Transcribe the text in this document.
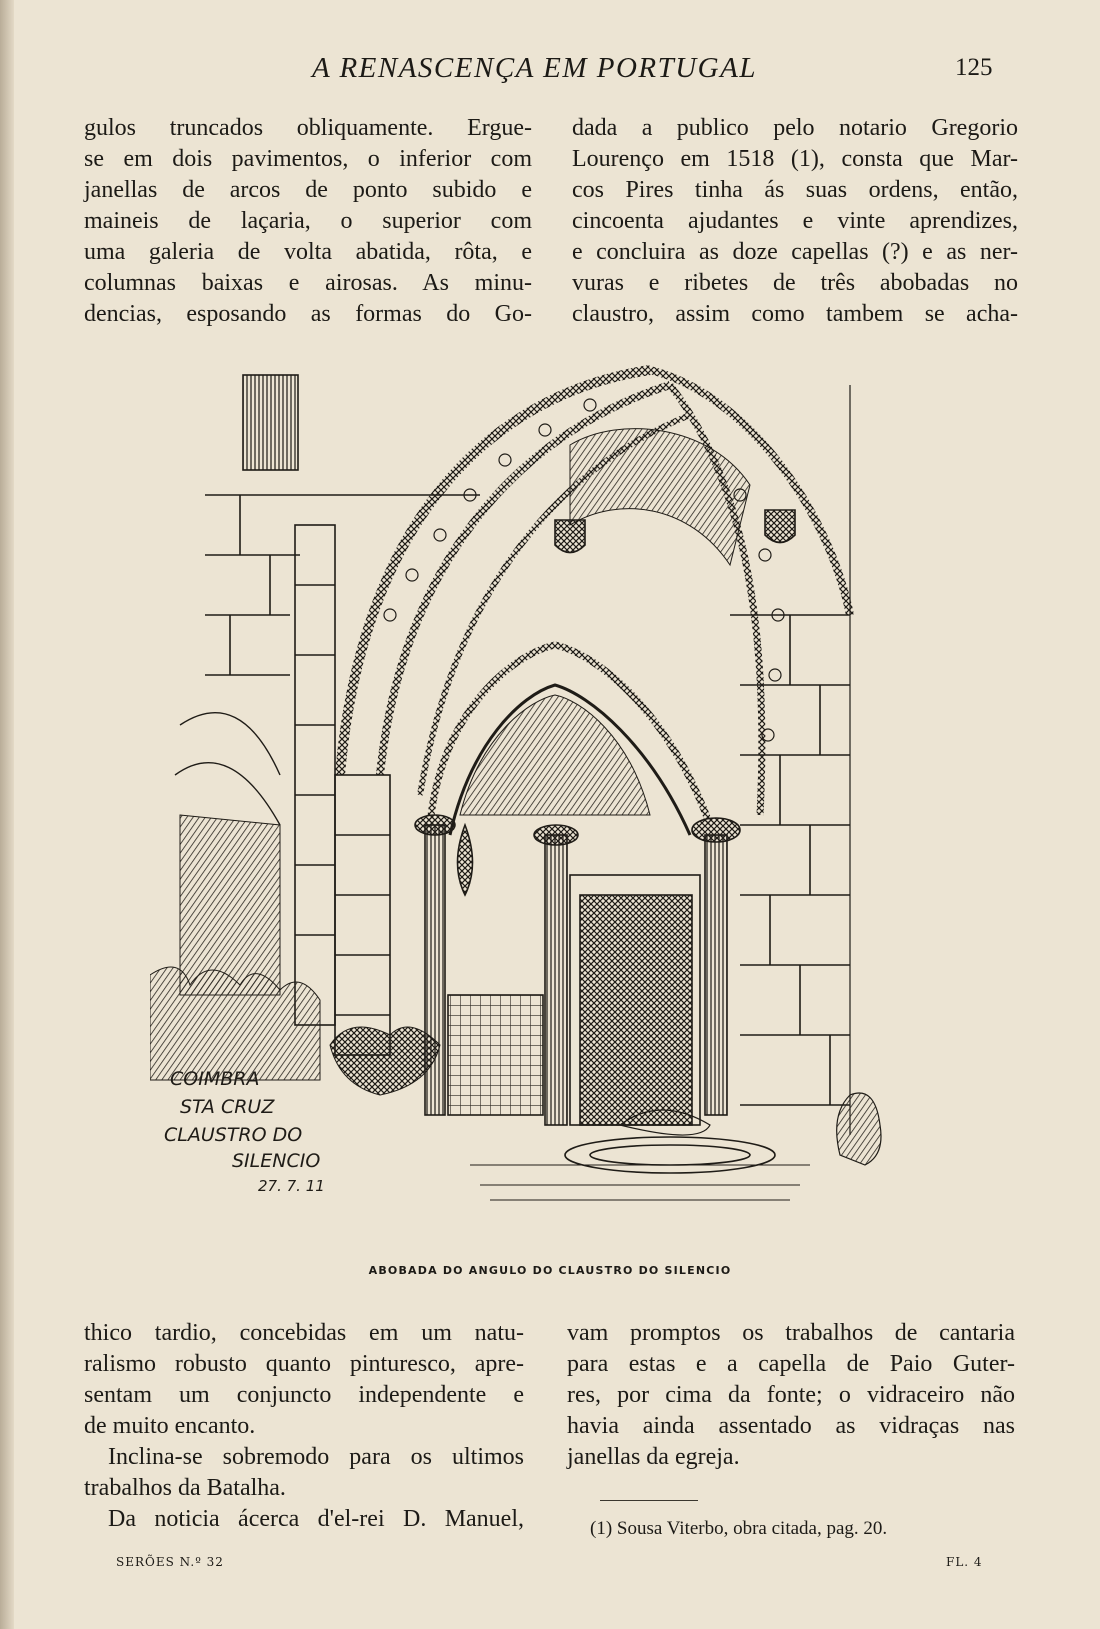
A RENASCENÇA EM PORTUGAL	125
gulos truncados obliquamente. Ergue-
se em dois pavimentos, o inferior com
janellas de arcos de ponto subido e
maineis de laçaria, o superior com
uma galeria de volta abatida, rôta, e
columnas baixas e airosas. As minu-
dencias, esposando as formas do Go-
dada a publico pelo notario Gregorio
Lourenço em 1518 (1), consta que Mar-
cos Pires tinha ás suas ordens, então,
cincoenta ajudantes e vinte aprendizes,
e concluira as doze capellas (?) e as ner-
vuras e ribetes de três abobadas no
claustro, assim como tambem se acha-
COIMBRA
STA CRUZ
CLAUSTRO DO
SILENCIO
27. 7. 11
ABOBADA DO ANGULO DO CLAUSTRO DO SILENCIO
thico tardio, concebidas em um natu-
ralismo robusto quanto pinturesco, apre-
sentam um conjuncto independente e
de muito encanto.
Inclina-se sobremodo para os ultimos
trabalhos da Batalha.
Da noticia ácerca d'el-rei D. Manuel,
vam promptos os trabalhos de cantaria
para estas e a capella de Paio Guter-
res, por cima da fonte; o vidraceiro não
havia ainda assentado as vidraças nas
janellas da egreja.
(1) Sousa Viterbo, obra citada, pag. 20.
SERÕES N.º 32	FL. 4
